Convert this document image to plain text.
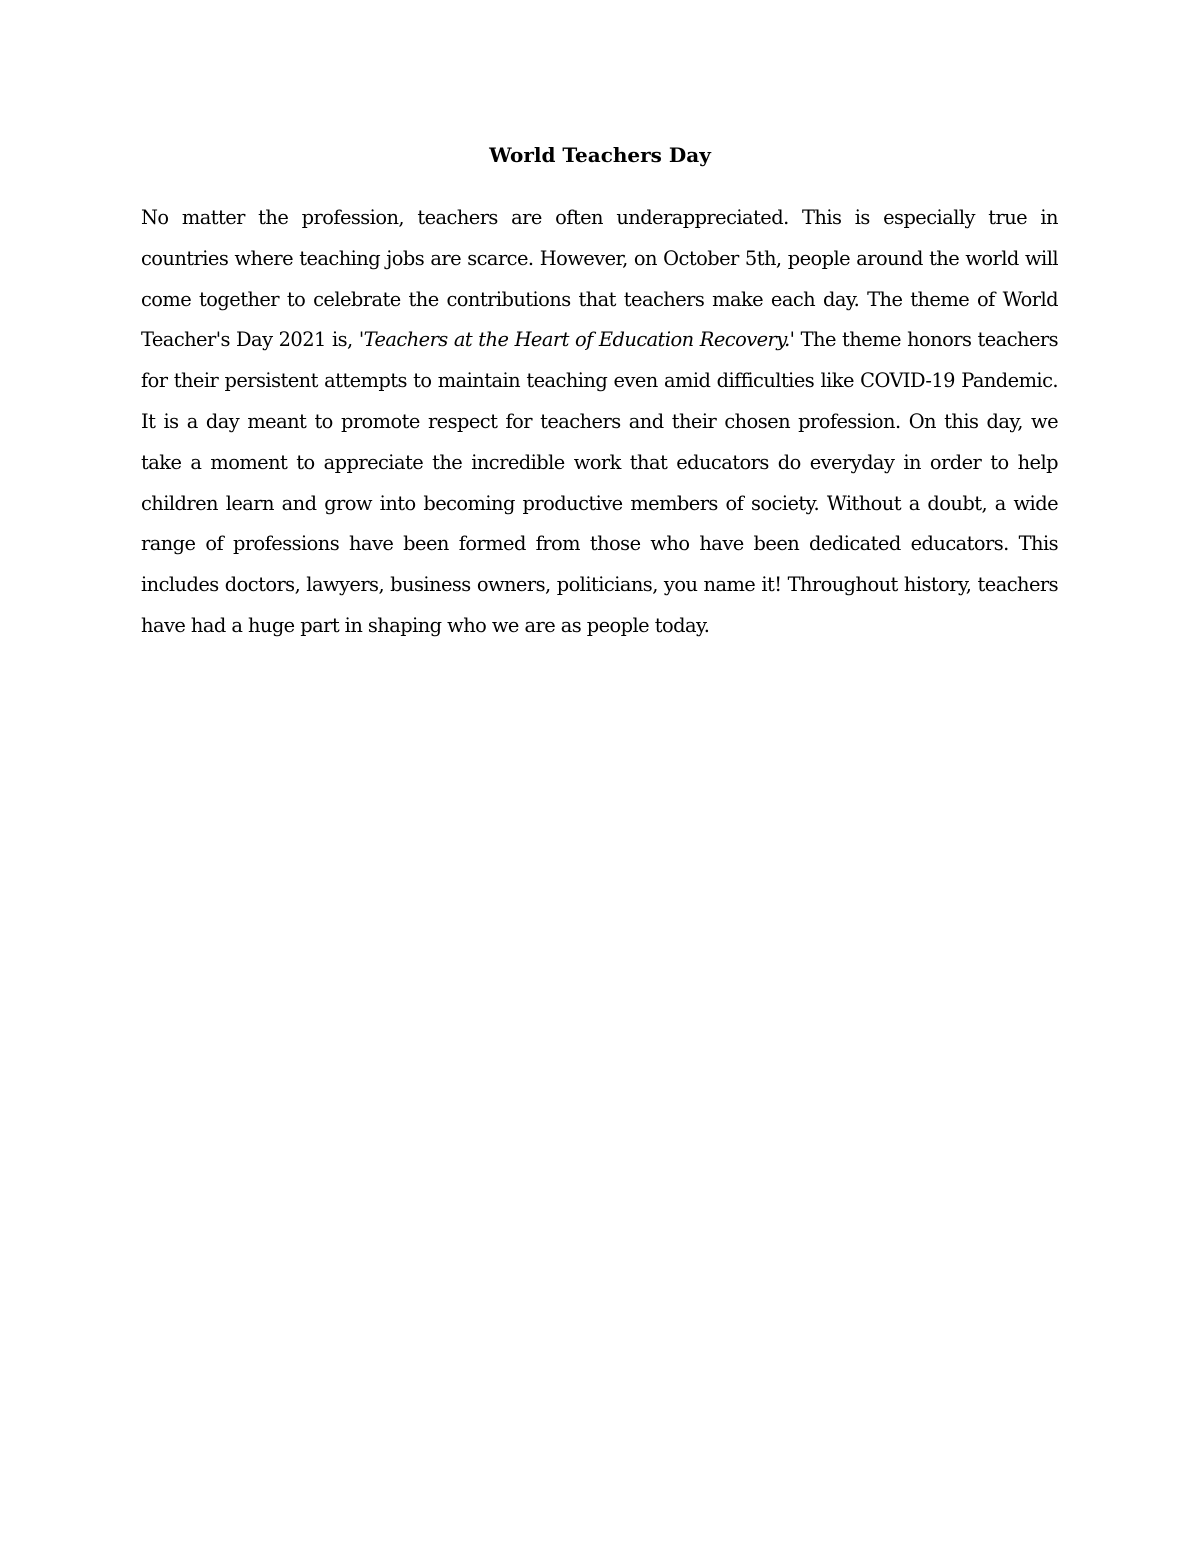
World Teachers Day

No matter the profession, teachers are often underappreciated. This is especially true in countries where teaching jobs are scarce. However, on October 5th, people around the world will come together to celebrate the contributions that teachers make each day. The theme of World Teacher's Day 2021 is, 'Teachers at the Heart of Education Recovery.' The theme honors teachers for their persistent attempts to maintain teaching even amid difficulties like COVID-19 Pandemic. It is a day meant to promote respect for teachers and their chosen profession. On this day, we take a moment to appreciate the incredible work that educators do everyday in order to help children learn and grow into becoming productive members of society. Without a doubt, a wide range of professions have been formed from those who have been dedicated educators. This includes doctors, lawyers, business owners, politicians, you name it! Throughout history, teachers have had a huge part in shaping who we are as people today.
